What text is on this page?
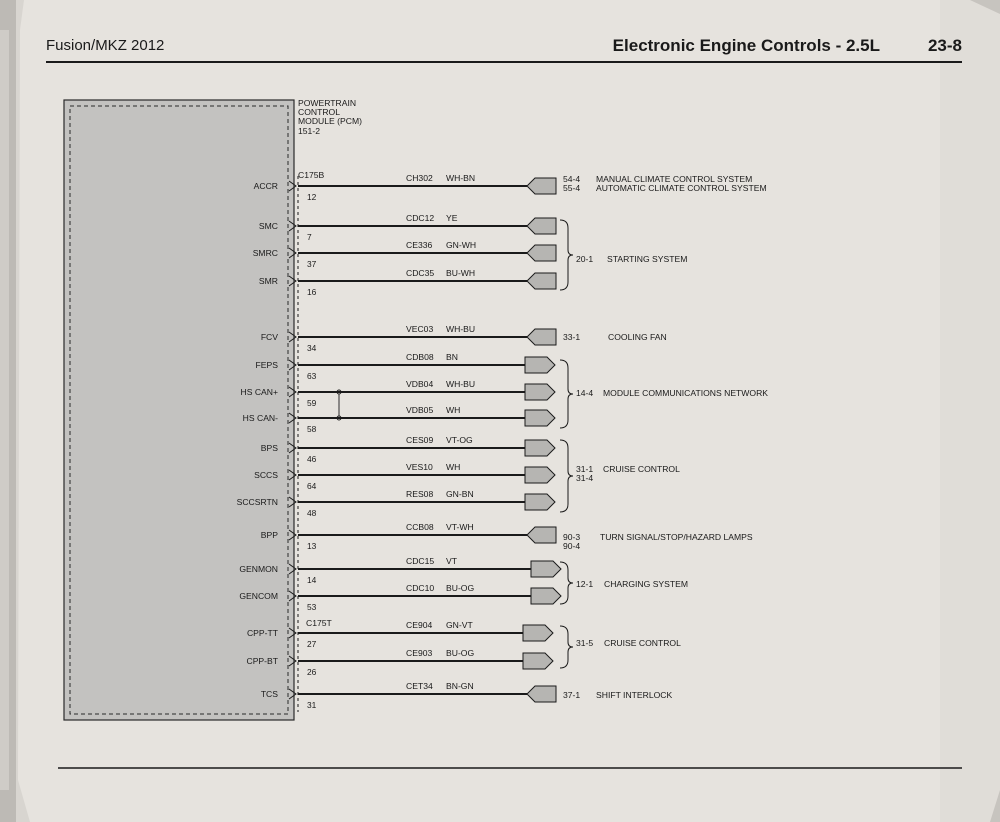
Fusion/MKZ 2012	Electronic Engine Controls - 2.5L	23-8
POWERTRAIN
CONTROL
MODULE (PCM)
151-2
C175B
C175T
ACCR
12
CH302 WH-BN
SMC
7
CDC12 YE
SMRC
37
CE336 GN-WH
SMR
16
CDC35 BU-WH
FCV
34
VEC03 WH-BU
FEPS
63
CDB08 BN
HS CAN+
59
VDB04 WH-BU
HS CAN-
58
VDB05 WH
BPS
46
CES09 VT-OG
SCCS
64
VES10 WH
SCCSRTN
48
RES08 GN-BN
BPP
13
CCB08 VT-WH
GENMON
14
CDC15 VT
GENCOM
53
CDC10 BU-OG
CPP-TT
27
CE904 GN-VT
CPP-BT
26
CE903 BU-OG
TCS
31
CET34 BN-GN
54-4
55-4
MANUAL CLIMATE CONTROL SYSTEM
AUTOMATIC CLIMATE CONTROL SYSTEM
20-1 STARTING SYSTEM
33-1	COOLING FAN
14-4 MODULE COMMUNICATIONS NETWORK
31-1
31-4
CRUISE CONTROL
90-3
90-4
TURN SIGNAL/STOP/HAZARD LAMPS
12-1 CHARGING SYSTEM
31-5 CRUISE CONTROL
37-1 SHIFT INTERLOCK
